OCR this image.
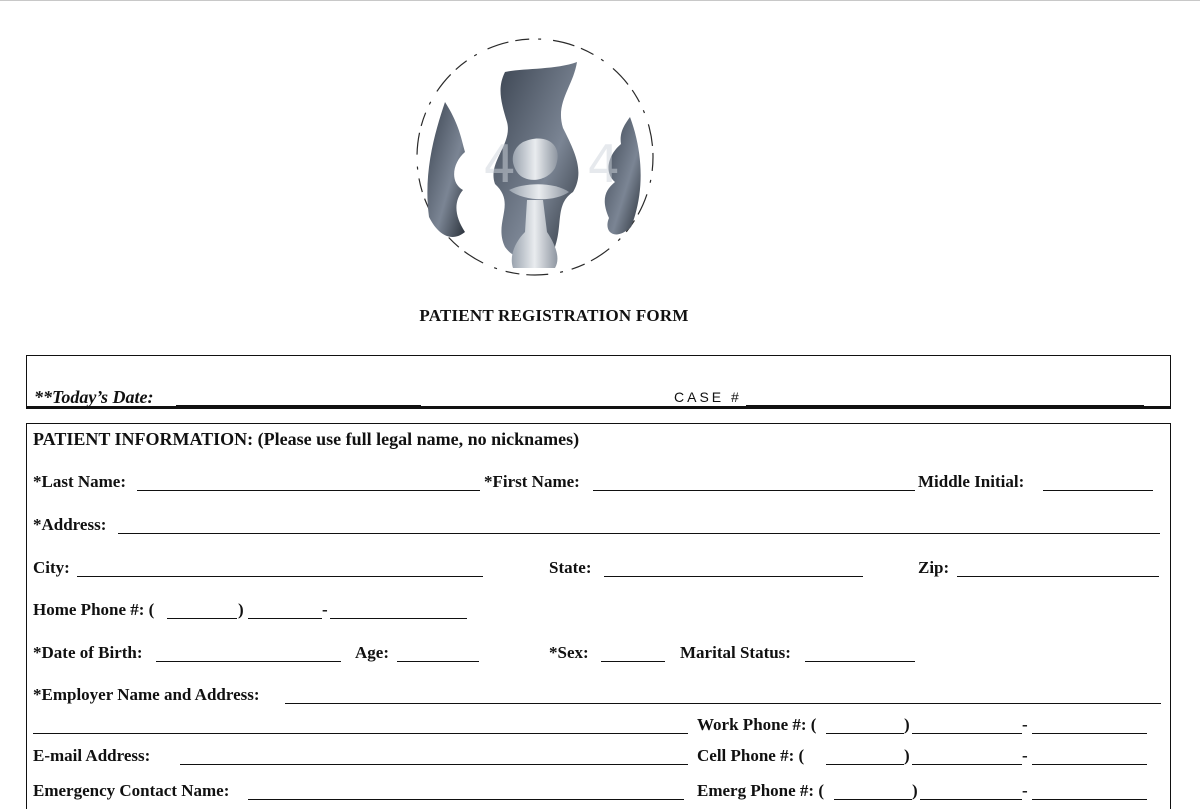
4 4
PATIENT REGISTRATION FORM
**Today’s Date:	CASE #
PATIENT INFORMATION: (Please use full legal name, no nicknames)
*Last Name:	*First Name:	Middle Initial:
*Address:
City:	State:	Zip:
Home Phone #: (	)	-
*Date of Birth:	Age:	*Sex:	Marital Status:
*Employer Name and Address:
Work Phone #: (	)	-
E-mail Address:	Cell Phone #: (	)	-
Emergency Contact Name:	Emerg Phone #: (	)	-
